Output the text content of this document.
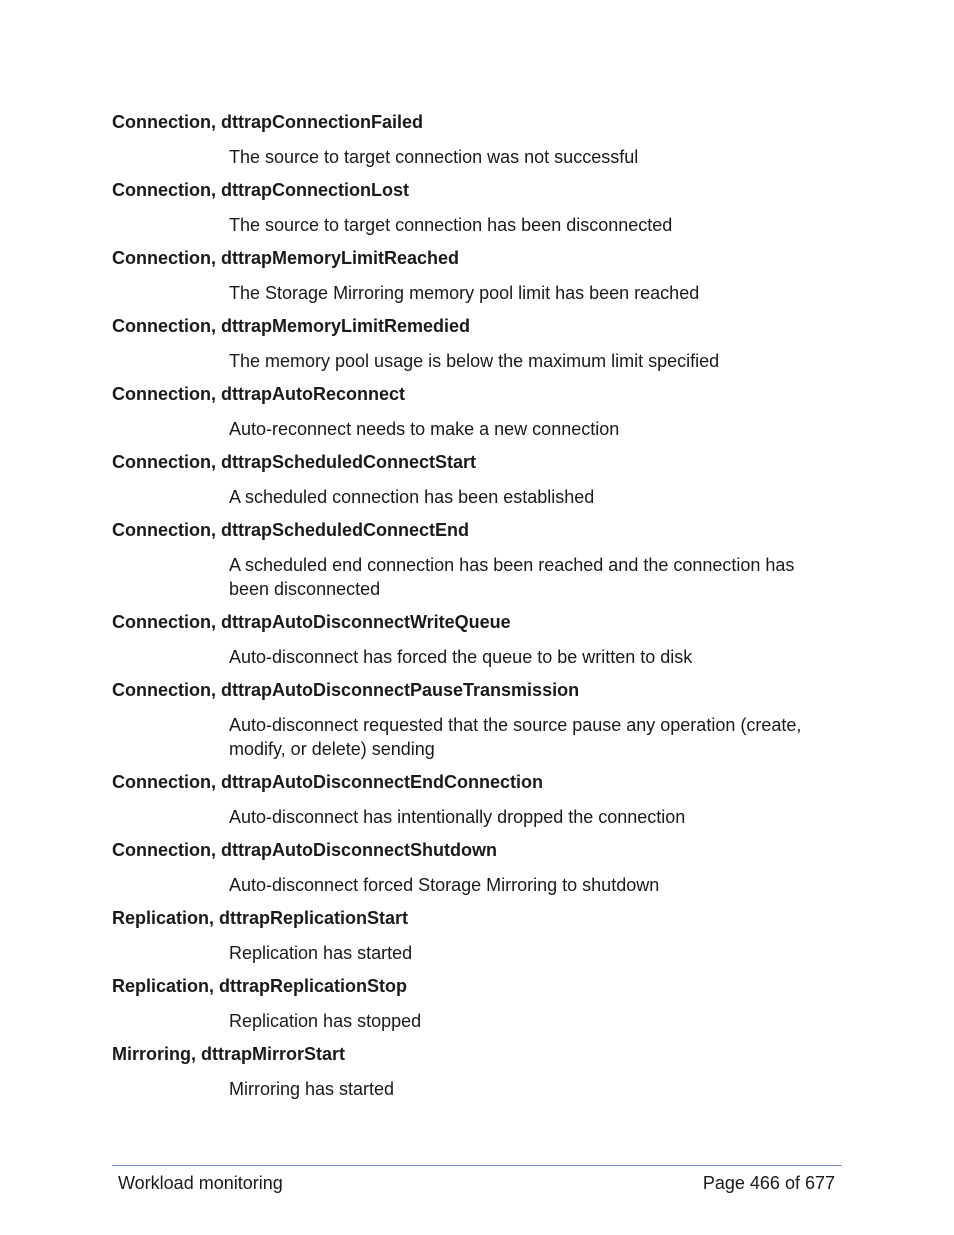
Connection, dttrapConnectionFailed

The source to target connection was not successful

Connection, dttrapConnectionLost

The source to target connection has been disconnected

Connection, dttrapMemoryLimitReached

The Storage Mirroring memory pool limit has been reached

Connection, dttrapMemoryLimitRemedied

The memory pool usage is below the maximum limit specified

Connection, dttrapAutoReconnect

Auto-reconnect needs to make a new connection

Connection, dttrapScheduledConnectStart

A scheduled connection has been established

Connection, dttrapScheduledConnectEnd

A scheduled end connection has been reached and the connection has been disconnected

Connection, dttrapAutoDisconnectWriteQueue

Auto-disconnect has forced the queue to be written to disk

Connection, dttrapAutoDisconnectPauseTransmission

Auto-disconnect requested that the source pause any operation (create, modify, or delete) sending

Connection, dttrapAutoDisconnectEndConnection

Auto-disconnect has intentionally dropped the connection

Connection, dttrapAutoDisconnectShutdown

Auto-disconnect forced Storage Mirroring to shutdown

Replication, dttrapReplicationStart

Replication has started

Replication, dttrapReplicationStop

Replication has stopped

Mirroring, dttrapMirrorStart

Mirroring has started

Workload monitoring	Page 466 of 677
